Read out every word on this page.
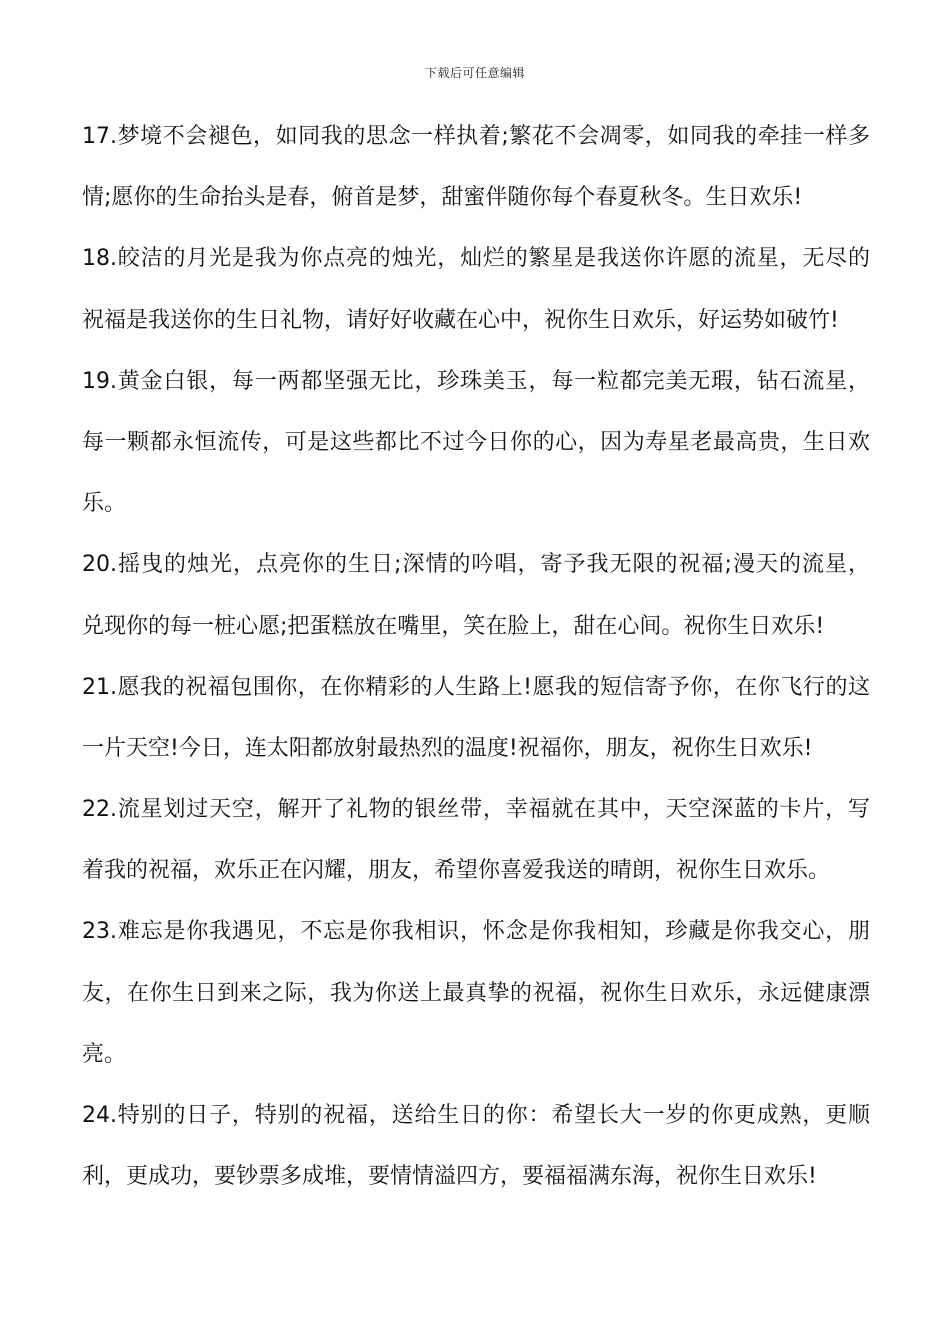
下载后可任意编辑
17.梦境不会褪色，如同我的思念一样执着;繁花不会凋零，如同我的牵挂一样多
情;愿你的生命抬头是春，俯首是梦，甜蜜伴随你每个春夏秋冬。生日欢乐!
18.皎洁的月光是我为你点亮的烛光，灿烂的繁星是我送你许愿的流星，无尽的
祝福是我送你的生日礼物，请好好收藏在心中，祝你生日欢乐，好运势如破竹!
19.黄金白银，每一两都坚强无比，珍珠美玉，每一粒都完美无瑕，钻石流星，
每一颗都永恒流传，可是这些都比不过今日你的心，因为寿星老最高贵，生日欢
乐。
20.摇曳的烛光，点亮你的生日;深情的吟唱，寄予我无限的祝福;漫天的流星，
兑现你的每一桩心愿;把蛋糕放在嘴里，笑在脸上，甜在心间。祝你生日欢乐!
21.愿我的祝福包围你，在你精彩的人生路上!愿我的短信寄予你，在你飞行的这
一片天空!今日，连太阳都放射最热烈的温度!祝福你，朋友，祝你生日欢乐!
22.流星划过天空，解开了礼物的银丝带，幸福就在其中，天空深蓝的卡片，写
着我的祝福，欢乐正在闪耀，朋友，希望你喜爱我送的晴朗，祝你生日欢乐。
23.难忘是你我遇见，不忘是你我相识，怀念是你我相知，珍藏是你我交心，朋
友，在你生日到来之际，我为你送上最真挚的祝福，祝你生日欢乐，永远健康漂
亮。
24.特别的日子，特别的祝福，送给生日的你：希望长大一岁的你更成熟，更顺
利，更成功，要钞票多成堆，要情情溢四方，要福福满东海，祝你生日欢乐!
